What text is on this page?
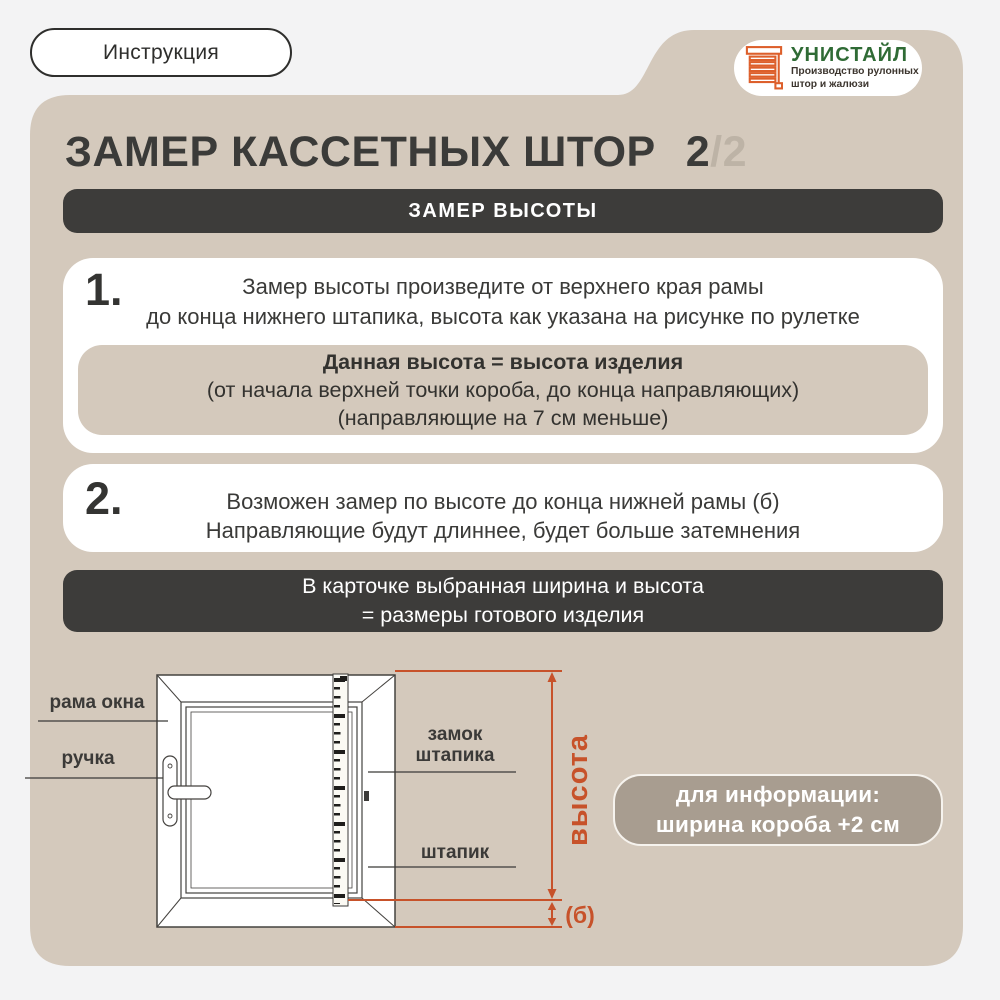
Инструкция	УНИСТАЙЛ
Производство рулонных
штор и жалюзи
ЗАМЕР КАССЕТНЫХ ШТОР 2/2
ЗАМЕР ВЫСОТЫ
1.	Замер высоты произведите от верхнего края рамы
до конца нижнего штапика, высота как указана на рисунке по рулетке
Данная высота = высота изделия
(от начала верхней точки короба, до конца направляющих)
(направляющие на 7 см меньше)
2.	Возможен замер по высоте до конца нижней рамы (б)
Направляющие будут длиннее, будет больше затемнения
В карточке выбранная ширина и высота
= размеры готового изделия
рама окна
ручка
замок
штапика
штапик
высота
(б)
для информации:
ширина короба +2 см
